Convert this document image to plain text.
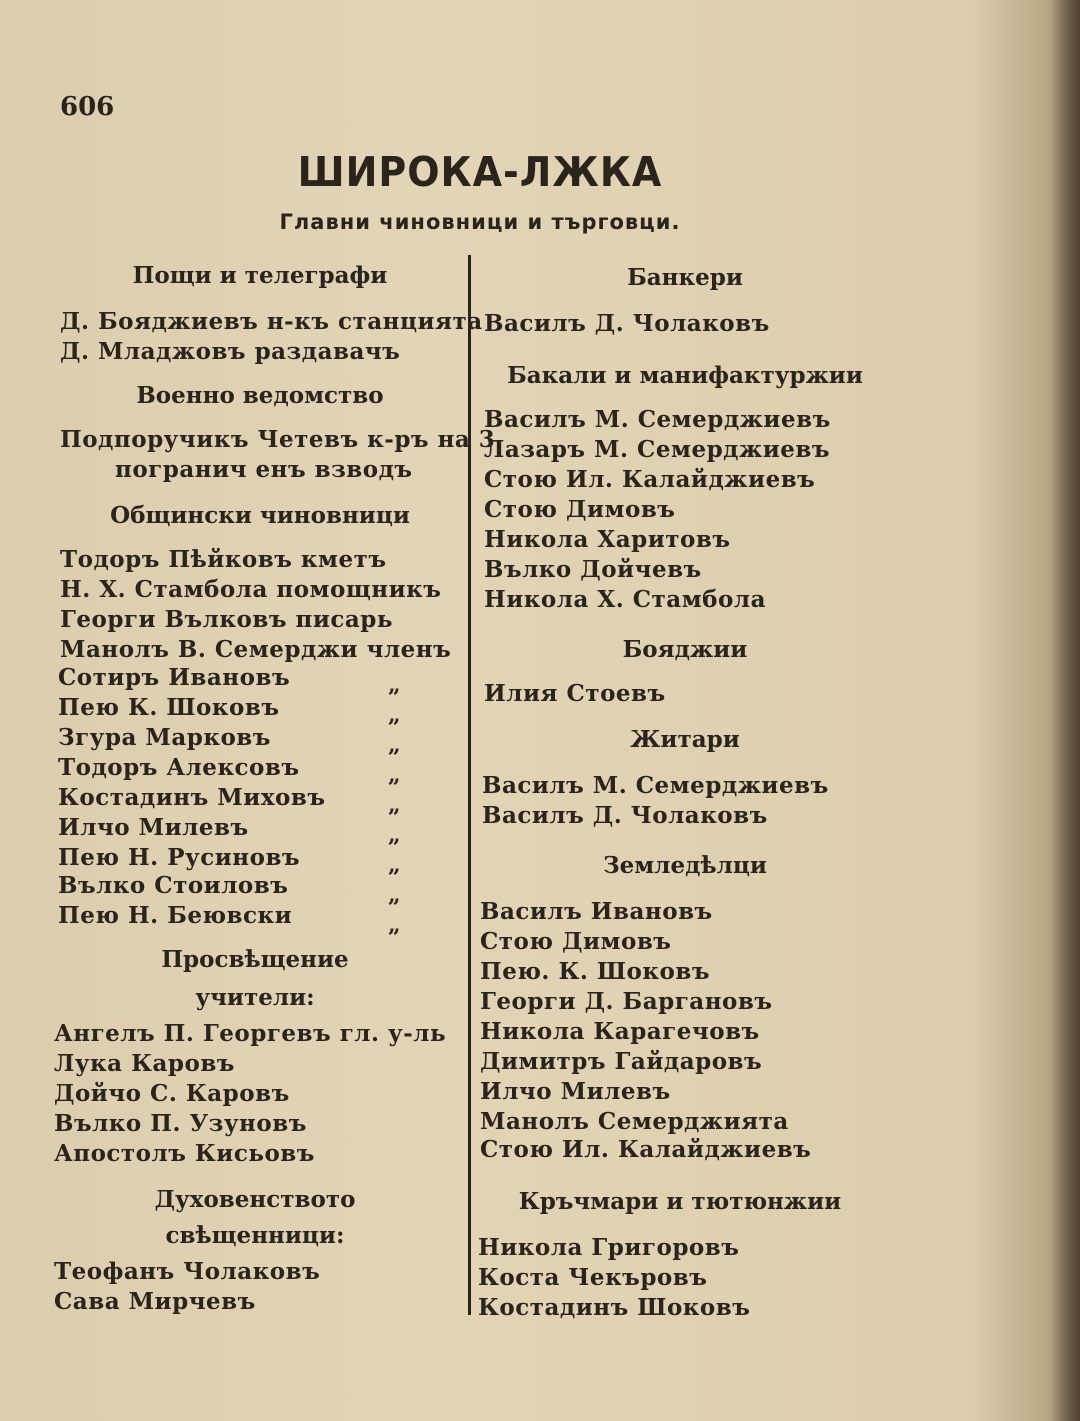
606
ШИРОКА-ЛЖКА
Главни чиновници и търговци.
Пощи и телеграфи
Д. Бояджиевъ н-къ станцията
Д. Младжовъ раздавачъ
Военно ведомство
Подпоручикъ Четевъ к-ръ на 3
погранич енъ взводъ
Общински чиновници
Тодоръ Пѣйковъ кметъ
Н. Х. Стамбола помощникъ
Георги Вълковъ писарь
Манолъ В. Семерджи членъ
Сотиръ Ивановъ
Пею К. Шоковъ
Згура Марковъ
Тодоръ Алексовъ
Костадинъ Миховъ
Илчо Милевъ
Пею Н. Русиновъ
Вълко Стоиловъ
Пею Н. Беювски
„
„
„
„
„
„
„
„
„
Просвѣщение
учители:
Ангелъ П. Георгевъ гл. у-ль
Лука Каровъ
Дойчо С. Каровъ
Вълко П. Узуновъ
Апостолъ Кисьовъ
Духовенството
свѣщенници:
Теофанъ Чолаковъ
Сава Мирчевъ
Банкери
Василъ Д. Чолаковъ
Бакали и манифактуржии
Василъ М. Семерджиевъ
Лазаръ М. Семерджиевъ
Стою Ил. Калайджиевъ
Стою Димовъ
Никола Харитовъ
Вълко Дойчевъ
Никола Х. Стамбола
Бояджии
Илия Стоевъ
Житари
Василъ М. Семерджиевъ
Василъ Д. Чолаковъ
Земледѣлци
Василъ Ивановъ
Стою Димовъ
Пею. К. Шоковъ
Георги Д. Баргановъ
Никола Карагечовъ
Димитръ Гайдаровъ
Илчо Милевъ
Манолъ Семерджията
Стою Ил. Калайджиевъ
Кръчмари и тютюнжии
Никола Григоровъ
Коста Чекъровъ
Костадинъ Шоковъ
